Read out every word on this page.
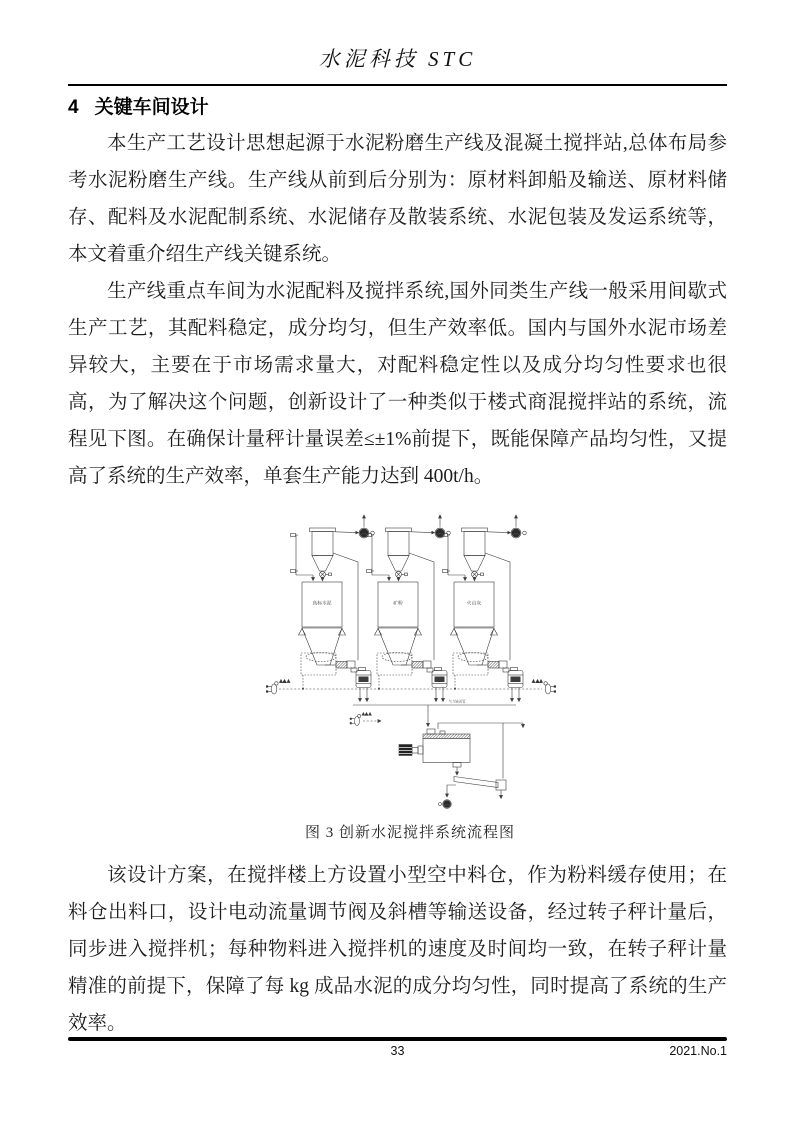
水泥科技 STC
4 关键车间设计

本生产工艺设计思想起源于水泥粉磨生产线及混凝土搅拌站,总体布局参考水泥粉磨生产线。生产线从前到后分别为：原材料卸船及输送、原材料储存、配料及水泥配制系统、水泥储存及散装系统、水泥包装及发运系统等，本文着重介绍生产线关键系统。

生产线重点车间为水泥配料及搅拌系统,国外同类生产线一般采用间歇式生产工艺，其配料稳定，成分均匀，但生产效率低。国内与国外水泥市场差异较大，主要在于市场需求量大，对配料稳定性以及成分均匀性要求也很高，为了解决这个问题，创新设计了一种类似于楼式商混搅拌站的系统，流程见下图。在确保计量秤计量误差≤±1%前提下，既能保障产品均匀性，又提高了系统的生产效率，单套生产能力达到 400t/h。

高标水泥	矿粉	火山灰
气力输送管
图 3 创新水泥搅拌系统流程图

该设计方案，在搅拌楼上方设置小型空中料仓，作为粉料缓存使用；在料仓出料口，设计电动流量调节阀及斜槽等输送设备，经过转子秤计量后，同步进入搅拌机；每种物料进入搅拌机的速度及时间均一致，在转子秤计量精准的前提下，保障了每 kg 成品水泥的成分均匀性，同时提高了系统的生产效率。

33	2021.No.1
